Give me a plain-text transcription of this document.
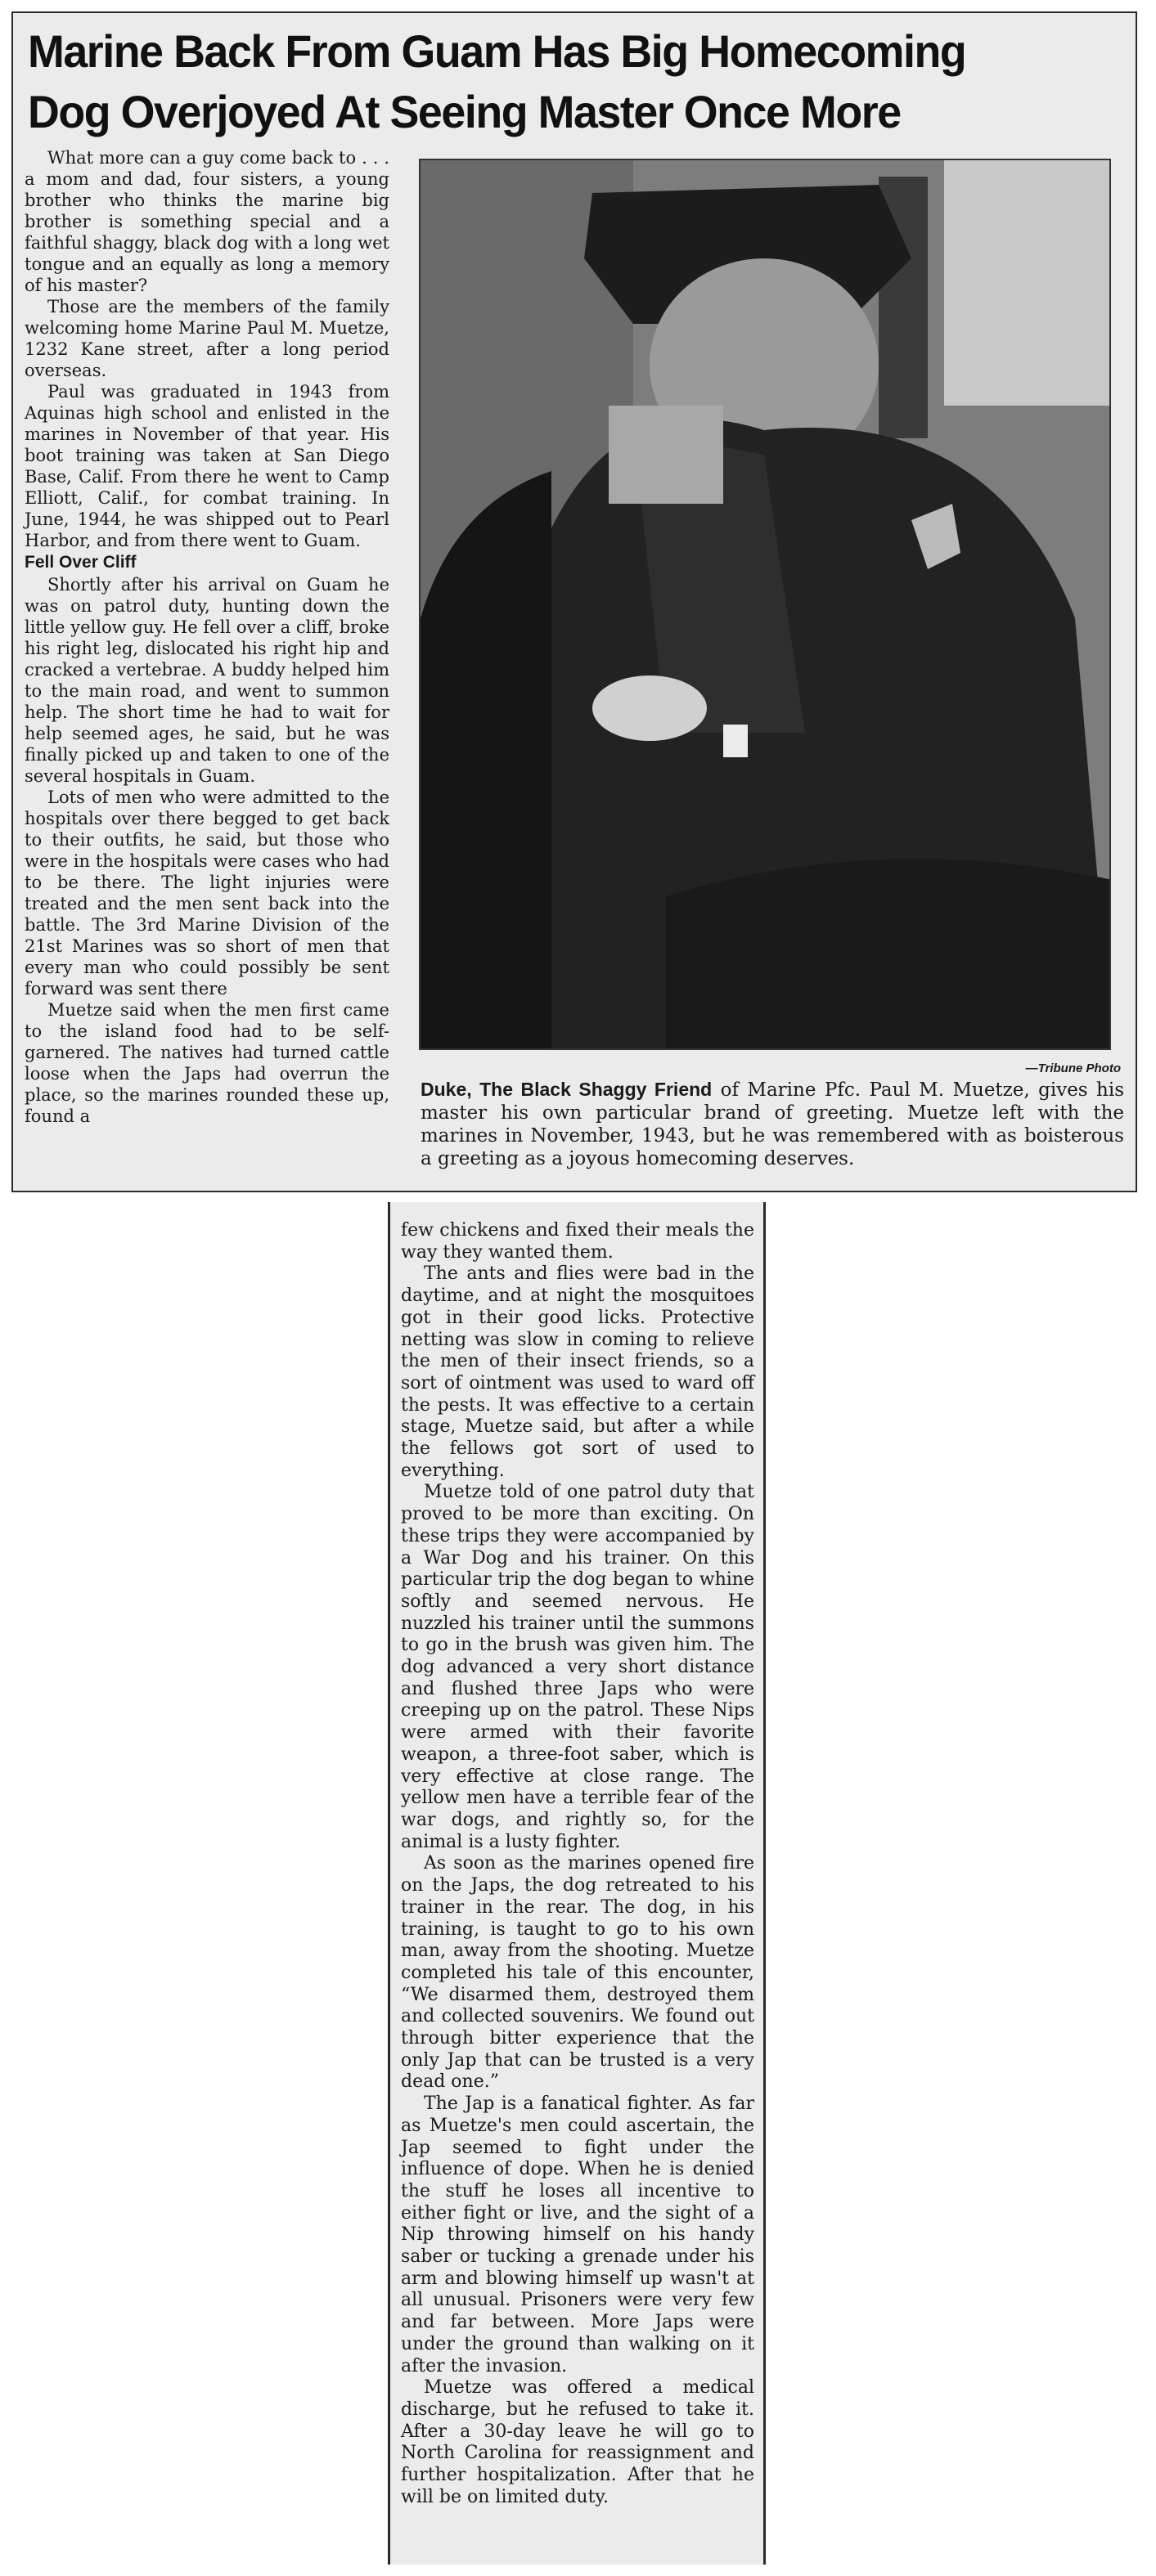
Marine Back From Guam Has Big Homecoming
Dog Overjoyed At Seeing Master Once More

What more can a guy come back to . . . a mom and dad, four sisters, a young brother who thinks the marine big brother is something special and a faithful shaggy, black dog with a long wet tongue and an equally as long a memory of his master?

Those are the members of the family welcoming home Marine Paul M. Muetze, 1232 Kane street, after a long period overseas.

Paul was graduated in 1943 from Aquinas high school and enlisted in the marines in November of that year. His boot training was taken at San Diego Base, Calif. From there he went to Camp Elliott, Calif., for combat training. In June, 1944, he was shipped out to Pearl Harbor, and from there went to Guam.

Fell Over Cliff

Shortly after his arrival on Guam he was on patrol duty, hunting down the little yellow guy. He fell over a cliff, broke his right leg, dislocated his right hip and cracked a vertebrae. A buddy helped him to the main road, and went to summon help. The short time he had to wait for help seemed ages, he said, but he was finally picked up and taken to one of the several hospitals in Guam.

Lots of men who were admitted to the hospitals over there begged to get back to their outfits, he said, but those who were in the hospitals were cases who had to be there. The light injuries were treated and the men sent back into the battle. The 3rd Marine Division of the 21st Marines was so short of men that every man who could possibly be sent forward was sent there

Muetze said when the men first came to the island food had to be self-garnered. The natives had turned cattle loose when the Japs had overrun the place, so the marines rounded these up, found a

—Tribune Photo
Duke, The Black Shaggy Friend of Marine Pfc. Paul M. Muetze, gives his master his own particular brand of greeting. Muetze left with the marines in November, 1943, but he was remembered with as boisterous a greeting as a joyous homecoming deserves.

few chickens and fixed their meals the way they wanted them.

The ants and flies were bad in the daytime, and at night the mosquitoes got in their good licks. Protective netting was slow in coming to relieve the men of their insect friends, so a sort of ointment was used to ward off the pests. It was effective to a certain stage, Muetze said, but after a while the fellows got sort of used to everything.

Muetze told of one patrol duty that proved to be more than exciting. On these trips they were accompanied by a War Dog and his trainer. On this particular trip the dog began to whine softly and seemed nervous. He nuzzled his trainer until the summons to go in the brush was given him. The dog advanced a very short distance and flushed three Japs who were creeping up on the patrol. These Nips were armed with their favorite weapon, a three-foot saber, which is very effective at close range. The yellow men have a terrible fear of the war dogs, and rightly so, for the animal is a lusty fighter.

As soon as the marines opened fire on the Japs, the dog retreated to his trainer in the rear. The dog, in his training, is taught to go to his own man, away from the shooting. Muetze completed his tale of this encounter, “We disarmed them, destroyed them and collected souvenirs. We found out through bitter experience that the only Jap that can be trusted is a very dead one.”

The Jap is a fanatical fighter. As far as Muetze's men could ascertain, the Jap seemed to fight under the influence of dope. When he is denied the stuff he loses all incentive to either fight or live, and the sight of a Nip throwing himself on his handy saber or tucking a grenade under his arm and blowing himself up wasn't at all unusual. Prisoners were very few and far between. More Japs were under the ground than walking on it after the invasion.

Muetze was offered a medical discharge, but he refused to take it. After a 30-day leave he will go to North Carolina for reassignment and further hospitalization. After that he will be on limited duty.
